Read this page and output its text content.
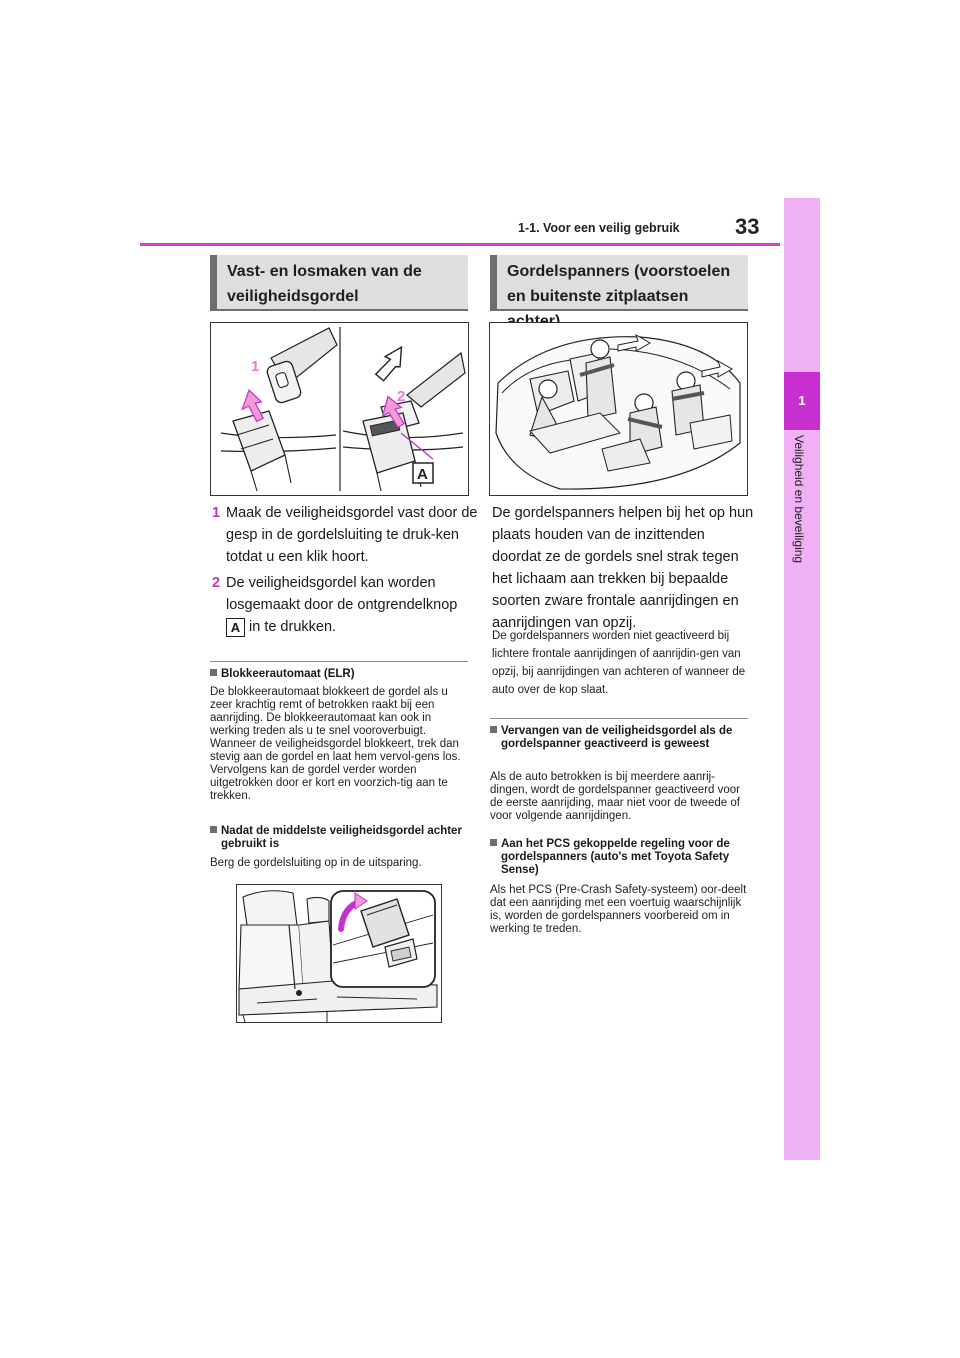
1-1. Voor een veilig gebruik	33
1
Veiligheid en beveiliging
Vast- en losmaken van de
veiligheidsgordel
1
2
A
1 Maak de veiligheidsgordel vast door de gesp in de gordelsluiting te druk-ken totdat u een klik hoort.
2 De veiligheidsgordel kan worden losgemaakt door de ontgrendelknop
A in te drukken.
Blokkeerautomaat (ELR)
De blokkeerautomaat blokkeert de gordel als u zeer krachtig remt of betrokken raakt bij een aanrijding. De blokkeerautomaat kan ook in werking treden als u te snel vooroverbuigt. Wanneer de veiligheidsgordel blokkeert, trek dan stevig aan de gordel en laat hem vervol-gens los. Vervolgens kan de gordel verder worden uitgetrokken door er kort en voorzich-tig aan te trekken.
Nadat de middelste veiligheidsgordel achter gebruikt is
Berg de gordelsluiting op in de uitsparing.
Gordelspanners (voorstoelen
en buitenste zitplaatsen
De gordelspanners helpen bij het op hun plaats houden van de inzittenden doordat ze de gordels snel strak tegen het lichaam aan trekken bij bepaalde soorten zware frontale aanrijdingen en aanrijdingen van opzij.
De gordelspanners worden niet geactiveerd bij lichtere frontale aanrijdingen of aanrijdin-gen van opzij, bij aanrijdingen van achteren of wanneer de auto over de kop slaat.
Vervangen van de veiligheidsgordel als de gordelspanner geactiveerd is geweest
Als de auto betrokken is bij meerdere aanrij-dingen, wordt de gordelspanner geactiveerd voor de eerste aanrijding, maar niet voor de tweede of voor volgende aanrijdingen.
Aan het PCS gekoppelde regeling voor de gordelspanners (auto's met Toyota Safety Sense)
Als het PCS (Pre-Crash Safety-systeem) oor-deelt dat een aanrijding met een voertuig waarschijnlijk is, worden de gordelspanners voorbereid om in werking te treden.
